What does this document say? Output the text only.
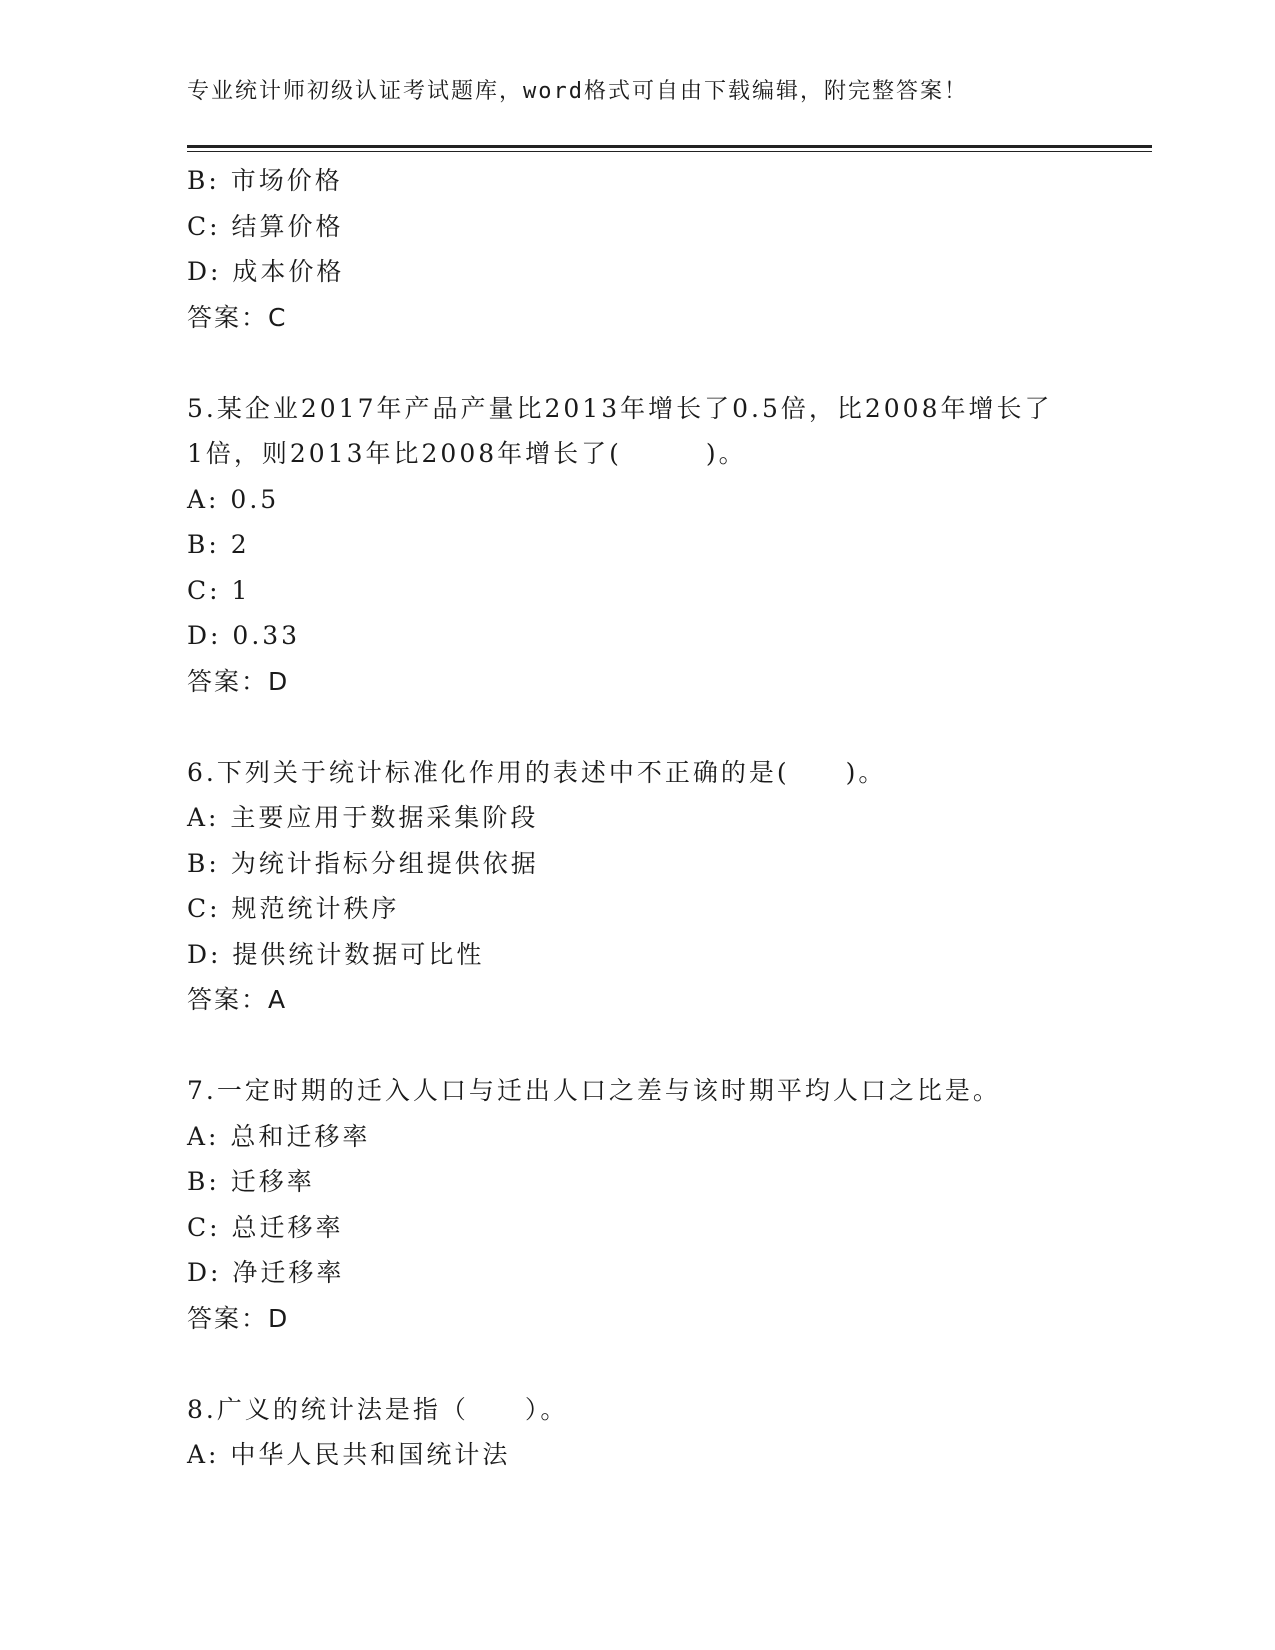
专业统计师初级认证考试题库，word格式可自由下载编辑，附完整答案！
B: 市场价格
C: 结算价格
D: 成本价格
答案：C
5.某企业2017年产品产量比2013年增长了0.5倍，比2008年增长了
1倍，则2013年比2008年增长了(　　　)。
A: 0.5
B: 2
C: 1
D: 0.33
答案：D
6.下列关于统计标准化作用的表述中不正确的是(　　)。
A: 主要应用于数据采集阶段
B: 为统计指标分组提供依据
C: 规范统计秩序
D: 提供统计数据可比性
答案：A
7.一定时期的迁入人口与迁出人口之差与该时期平均人口之比是。
A: 总和迁移率
B: 迁移率
C: 总迁移率
D: 净迁移率
答案：D
8.广义的统计法是指（　　）。
A: 中华人民共和国统计法
